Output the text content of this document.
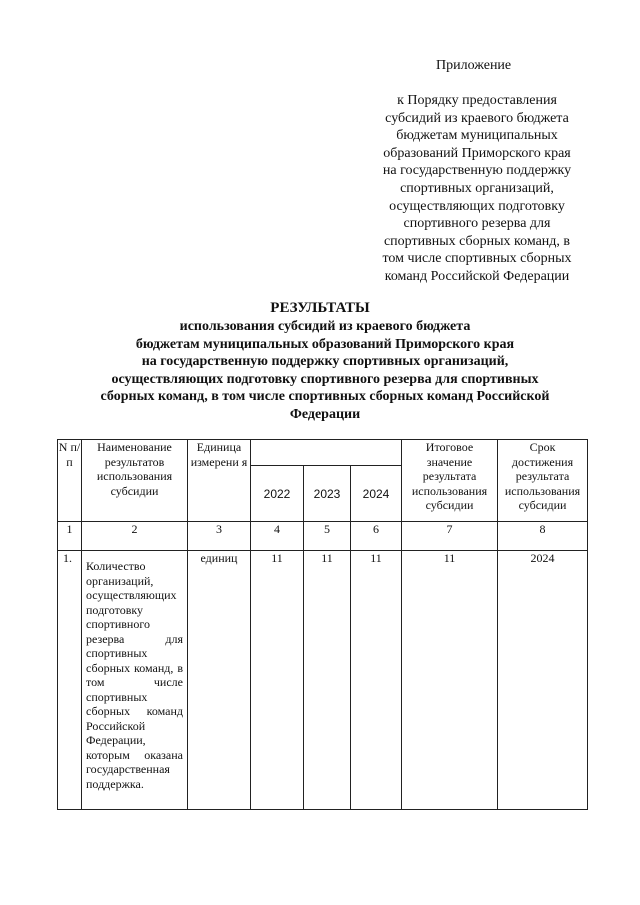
Приложение
к Порядку предоставления
субсидий из краевого бюджета
бюджетам муниципальных
образований Приморского края
на государственную поддержку
спортивных организаций,
осуществляющих подготовку
спортивного резерва для
спортивных сборных команд, в
том числе спортивных сборных
команд Российской Федерации
РЕЗУЛЬТАТЫ
использования субсидий из краевого бюджета
бюджетам муниципальных образований Приморского края
на государственную поддержку спортивных организаций,
осуществляющих подготовку спортивного резерва для спортивных
сборных команд, в том числе спортивных сборных команд Российской
Федерации
N п/п	Наименование результатов использования субсидии	Единица измерени я				Итоговое значение результата использования субсидии	Срок достижения результата использования субсидии
			2022	2023	2024		
1	2	3	4	5	6	7	8
1.	Количество организаций, осуществляющих подготовку спортивного резерва для спортивных сборных команд, в том числе спортивных сборных команд Российской Федерации, которым оказана государственная поддержка.	единиц	11	11	11	11	2024
